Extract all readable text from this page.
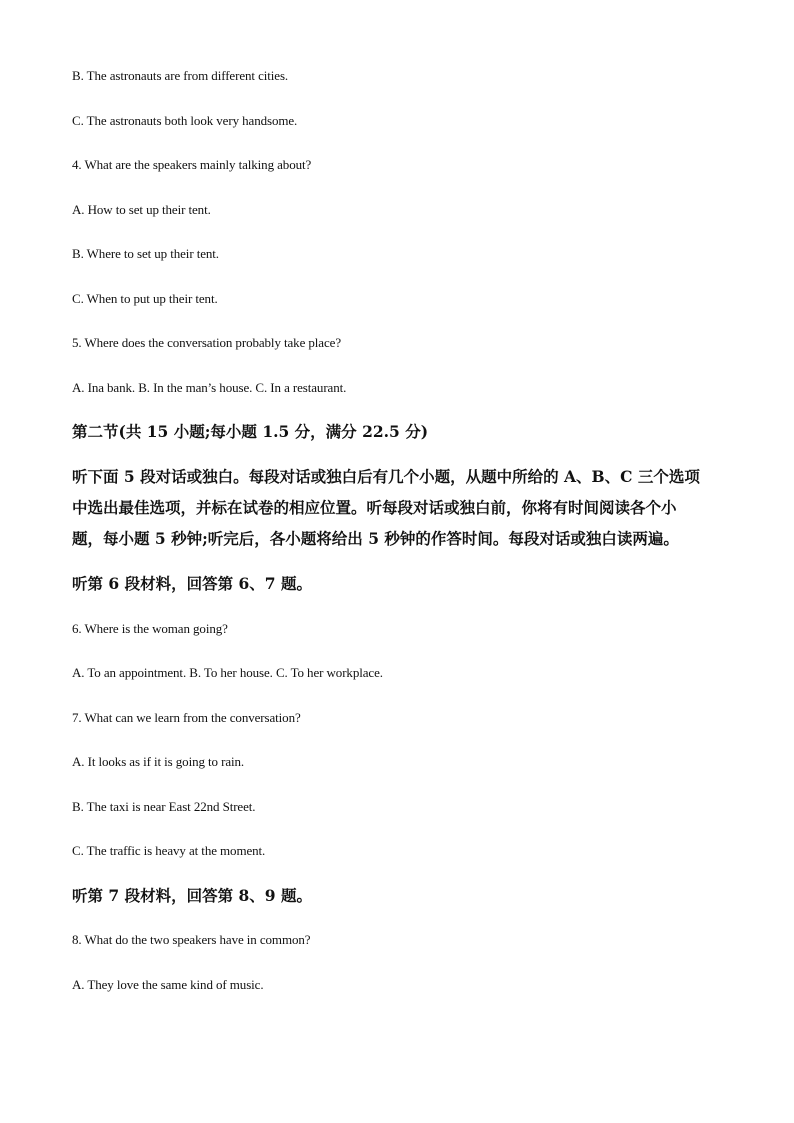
B. The astronauts are from different cities.
C. The astronauts both look very handsome.
4. What are the speakers mainly talking about?
A. How to set up their tent.
B. Where to set up their tent.
C. When to put up their tent.
5. Where does the conversation probably take place?
A. Ina bank. B. In the man’s house. C. In a restaurant.
第二节(共 15 小题;每小题 1.5 分，满分 22.5 分)
听下面 5 段对话或独白。每段对话或独白后有几个小题，从题中所给的 A、B、C 三个选项
中选出最佳选项，并标在试卷的相应位置。听每段对话或独白前，你将有时间阅读各个小
题，每小题 5 秒钟;听完后，各小题将给出 5 秒钟的作答时间。每段对话或独白读两遍。
听第 6 段材料，回答第 6、7 题。
6. Where is the woman going?
A. To an appointment. B. To her house. C. To her workplace.
7. What can we learn from the conversation?
A. It looks as if it is going to rain.
B. The taxi is near East 22nd Street.
C. The traffic is heavy at the moment.
听第 7 段材料，回答第 8、9 题。
8. What do the two speakers have in common?
A. They love the same kind of music.
